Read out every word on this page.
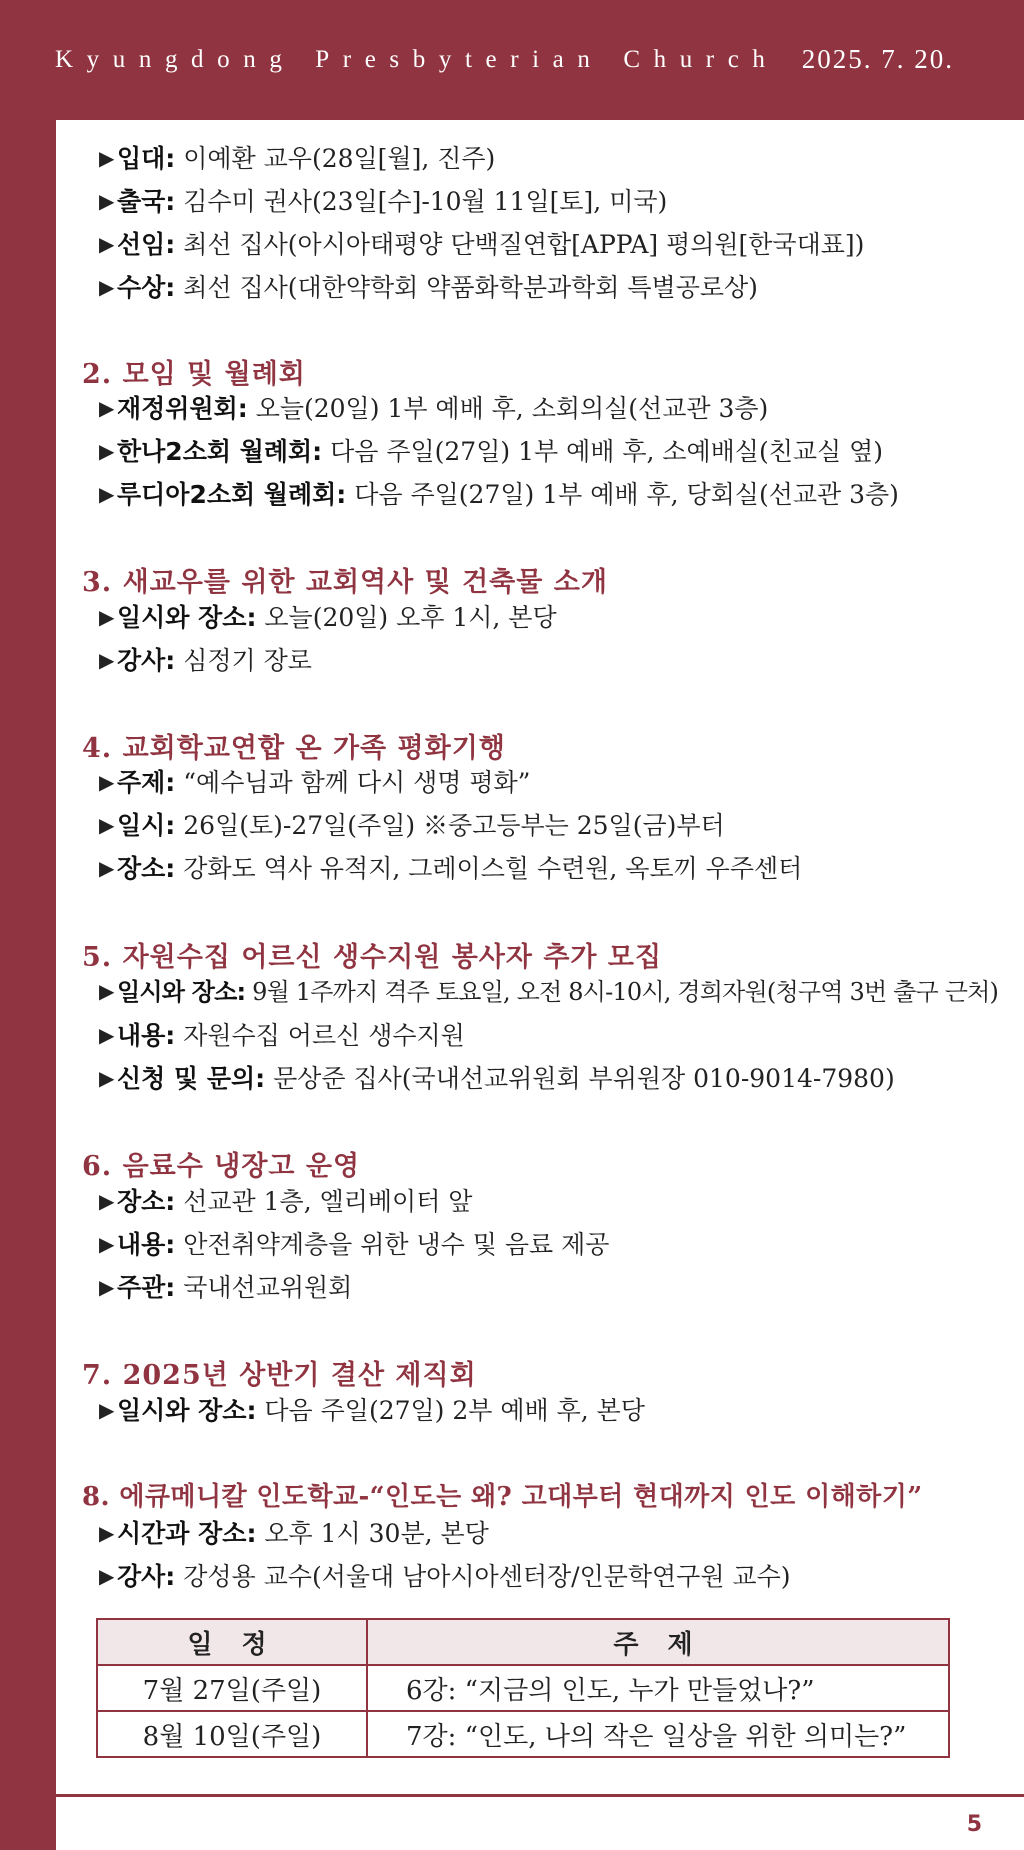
Kyungdong Presbyterian Church 2025. 7. 20.
▶ 입대: 이예환 교우(28일[월], 진주)
▶ 출국: 김수미 권사(23일[수]-10월 11일[토], 미국)
▶ 선임: 최선 집사(아시아태평양 단백질연합[APPA] 평의원[한국대표])
▶ 수상: 최선 집사(대한약학회 약품화학분과학회 특별공로상)
2. 모임 및 월례회
▶ 재정위원회: 오늘(20일) 1부 예배 후, 소회의실(선교관 3층)
▶ 한나2소회 월례회: 다음 주일(27일) 1부 예배 후, 소예배실(친교실 옆)
▶ 루디아2소회 월례회: 다음 주일(27일) 1부 예배 후, 당회실(선교관 3층)
3. 새교우를 위한 교회역사 및 건축물 소개
▶ 일시와 장소: 오늘(20일) 오후 1시, 본당
▶ 강사: 심정기 장로
4. 교회학교연합 온 가족 평화기행
▶ 주제: “예수님과 함께 다시 생명 평화”
▶ 일시: 26일(토)-27일(주일) ※중고등부는 25일(금)부터
▶ 장소: 강화도 역사 유적지, 그레이스힐 수련원, 옥토끼 우주센터
5. 자원수집 어르신 생수지원 봉사자 추가 모집
▶ 일시와 장소: 9월 1주까지 격주 토요일, 오전 8시-10시, 경희자원(청구역 3번 출구 근처)
▶ 내용: 자원수집 어르신 생수지원
▶ 신청 및 문의: 문상준 집사(국내선교위원회 부위원장 010-9014-7980)
6. 음료수 냉장고 운영
▶ 장소: 선교관 1층, 엘리베이터 앞
▶ 내용: 안전취약계층을 위한 냉수 및 음료 제공
▶ 주관: 국내선교위원회
7. 2025년 상반기 결산 제직회
▶ 일시와 장소: 다음 주일(27일) 2부 예배 후, 본당
8. 에큐메니칼 인도학교-“인도는 왜? 고대부터 현대까지 인도 이해하기”
▶ 시간과 장소: 오후 1시 30분, 본당
▶ 강사: 강성용 교수(서울대 남아시아센터장/인문학연구원 교수)
일 정	주 제
7월 27일(주일)	6강: “지금의 인도, 누가 만들었나?”
8월 10일(주일)	7강: “인도, 나의 작은 일상을 위한 의미는?”
5
